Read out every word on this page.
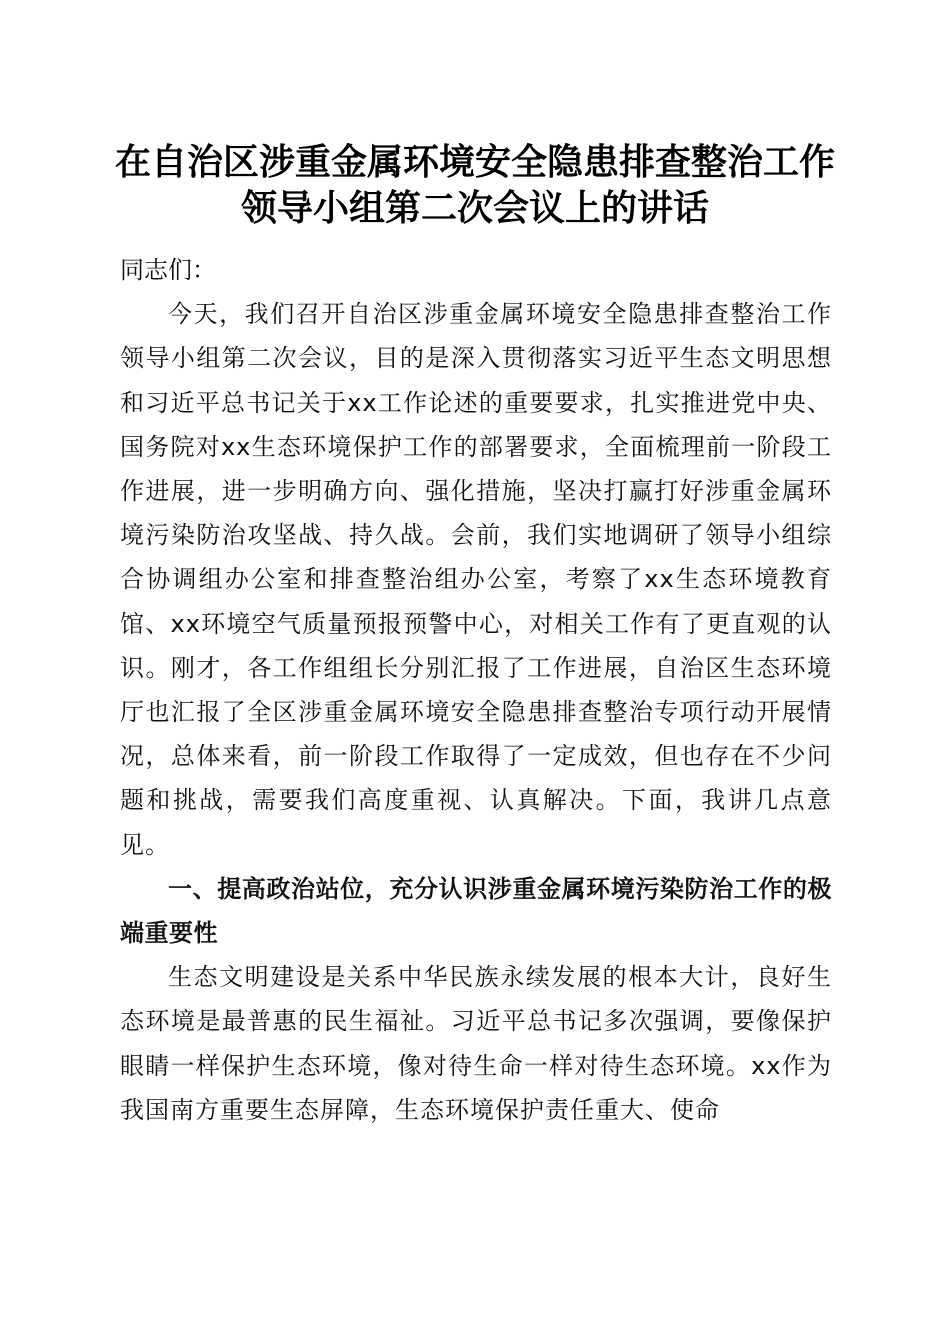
在自治区涉重金属环境安全隐患排查整治工作
领导小组第二次会议上的讲话

同志们：

今天，我们召开自治区涉重金属环境安全隐患排查整治工作领导小组第二次会议，目的是深入贯彻落实习近平生态文明思想和习近平总书记关于xx工作论述的重要要求，扎实推进党中央、国务院对xx生态环境保护工作的部署要求，全面梳理前一阶段工作进展，进一步明确方向、强化措施，坚决打赢打好涉重金属环境污染防治攻坚战、持久战。会前，我们实地调研了领导小组综合协调组办公室和排查整治组办公室，考察了xx生态环境教育馆、xx环境空气质量预报预警中心，对相关工作有了更直观的认识。刚才，各工作组组长分别汇报了工作进展，自治区生态环境厅也汇报了全区涉重金属环境安全隐患排查整治专项行动开展情况，总体来看，前一阶段工作取得了一定成效，但也存在不少问题和挑战，需要我们高度重视、认真解决。下面，我讲几点意见。

一、提高政治站位，充分认识涉重金属环境污染防治工作的极端重要性

生态文明建设是关系中华民族永续发展的根本大计，良好生态环境是最普惠的民生福祉。习近平总书记多次强调，要像保护眼睛一样保护生态环境，像对待生命一样对待生态环境。xx作为我国南方重要生态屏障，生态环境保护责任重大、使命
